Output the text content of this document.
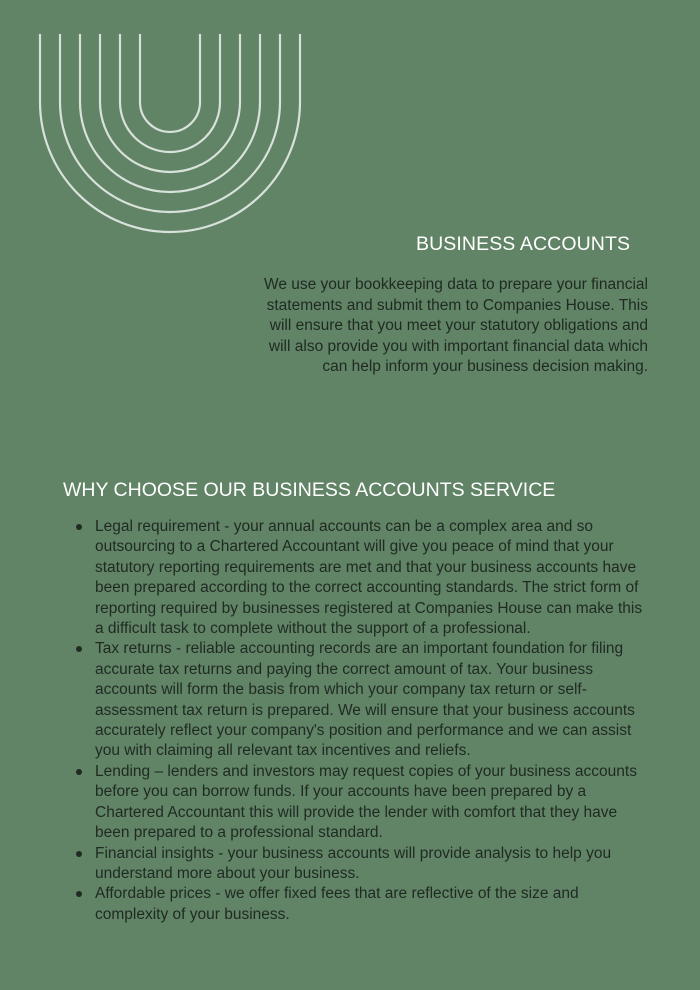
BUSINESS ACCOUNTS

We use your bookkeeping data to prepare your financial statements and submit them to Companies House. This will ensure that you meet your statutory obligations and will also provide you with important financial data which can help inform your business decision making.

WHY CHOOSE OUR BUSINESS ACCOUNTS SERVICE
Legal requirement - your annual accounts can be a complex area and so outsourcing to a Chartered Accountant will give you peace of mind that your statutory reporting requirements are met and that your business accounts have been prepared according to the correct accounting standards. The strict form of reporting required by businesses registered at Companies House can make this a difficult task to complete without the support of a professional.
Tax returns - reliable accounting records are an important foundation for filing accurate tax returns and paying the correct amount of tax. Your business accounts will form the basis from which your company tax return or self-assessment tax return is prepared. We will ensure that your business accounts accurately reflect your company's position and performance and we can assist you with claiming all relevant tax incentives and reliefs.
Lending – lenders and investors may request copies of your business accounts before you can borrow funds. If your accounts have been prepared by a Chartered Accountant this will provide the lender with comfort that they have been prepared to a professional standard.
Financial insights - your business accounts will provide analysis to help you understand more about your business.
Affordable prices - we offer fixed fees that are reflective of the size and complexity of your business.
